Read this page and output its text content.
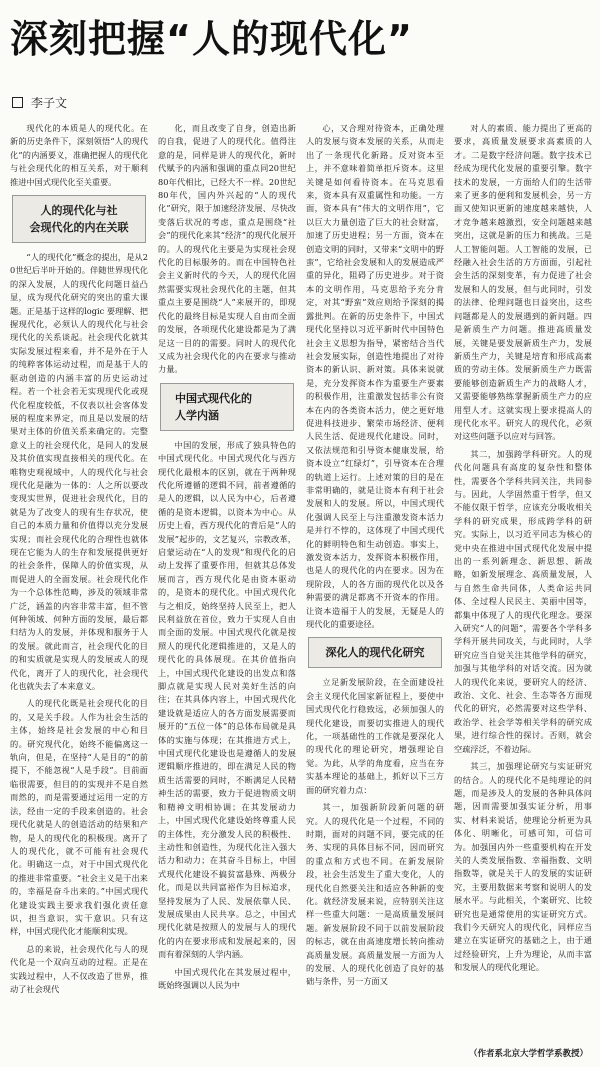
深刻把握“人的现代化”
李子文

现代化的本质是人的现代化。在新的历史条件下，深刻领悟“人的现代化”的内涵要义，准确把握人的现代化与社会现代化的相互关系，对于顺利推进中国式现代化至关重要。

人的现代化与社
会现代化的内在关联

“人的现代化”概念的提出，是从20世纪后半叶开始的。伴随世界现代化的深入发展，人的现代化问题日益凸显，成为现代化研究的突出的重大课题。正是基于这样的logic 要理解、把握现代化，必须认人的现代化与社会现代化的关系谈起。社会现代化就其实际发展过程来看，并不是外在于人的纯粹客体运动过程，而是基于人的驱动创造的内涵丰富的历史运动过程。若一个社会若无实现现代化或现代化程度较低，不仅表以社会客体发展的程度来界定，而且是以发展的结果对主体的价值关系来确定的。完整意义上的社会现代化，是同人的发展及其价值实现直接相关的现代化。在唯物史观视域中，人的现代化与社会现代化是融为一体的：人之所以要改变现实世界，促进社会现代化，目的就是为了改变人的现有生存状况，使自己的本质力量和价值得以充分发展实现；而社会现代化的合理性也就体现在它能为人的生存和发展提供更好的社会条件，保障人的价值实现，从而促进人的全面发展。社会现代化作为一个总体性范畴，涉及的领域非常广泛，涵盖的内容非常丰富，但不管何种领域、何种方面的发展，最后都归结为人的发展，并体现和服务于人的发展。就此而言，社会现代化的目的和实质就是实现人的发展或人的现代化，离开了人的现代化，社会现代化也就失去了本来意义。

人的现代化既是社会现代化的目的，又是关手段。人作为社会生活的主体，始终是社会发展的中心和目的。研究现代化，始终不能偏离这一轨向，但是，在坚持“人是目的”的前提下，不能忽视“人是手段”。目前面临很需要，但目的的实现并不是自然而然的，而是需要通过运用一定的方法，经由一定的手段来创造的。社会现代化就是人的创造活动的结果和产物，是人的现代化的积极现。离开了人的现代化，就不可能有社会现代化。明确这一点，对于中国式现代化的推进非常重要。“社会主义是干出来的，幸福是奋斗出来的。”中国式现代化建设实践主要求我们强化责任意识，担当意识，实干意识。只有这样，中国式现代化才能顺利实现。

总的来说，社会现代化与人的现代化是一个双向互动的过程。正是在实践过程中，人不仅改造了世界，推动了社会现代

化，而且改变了自身，创造出新的自我，促进了人的现代化。值得注意的是，同样是讲人的现代化，新时代赋予的内涵和强调的重点同20世纪80年代相比，已经大不一样。20世纪80年代，国内外兴起的“人的现代化”研究，限于加速经济发展、尽快改变落后状况的考虑，重点是围绕“社会”的现代化来其“经济”的现代化展开的。人的现代化主要是为实现社会现代化的目标服务的。而在中国特色社会主义新时代的今天，人的现代化固然需要实现社会现代化的主题，但其重点主要是围绕“人”来展开的，即现代化的最终目标是实现人自由而全面的发展，各项现代化建设都是为了满足这一目的的需要。同时人的现代化又成为社会现代化的内在要求与推动力量。

中国式现代化的
人学内涵

中国的发展，形成了独具特色的中国式现代化。中国式现代化与西方现代化最根本的区别，就在于两种现代化所遵循的逻辑不同，前者遵循的是人的逻辑，以人民为中心，后者遵循的是资本逻辑，以资本为中心。从历史上看，西方现代化的背后是“人的发展”起步的，文艺复兴，宗教改革，启蒙运动在“人的发现”和现代化的启动上发挥了重要作用，但就其总体发展而言，西方现代化是由资本驱动的，是资本的现代化。中国式现代化与之相反，始终坚持人民至上，把人民利益放在首位，致力于实现人自由而全面的发展。中国式现代化就是按照人的现代化逻辑推进的，又是人的现代化的具体展现。在其价值指向上，中国式现代化建设的出发点和落脚点就是实现人民对美好生活的向往；在其具体内容上，中国式现代化建设就是适应人的各方面发展需要而展开的“五位一体”的总体布局就是具体的实施与体现；在其推进方式上，中国式现代化建设也是遵循人的发展逻辑顺序推进的，即在满足人民的物质生活需要的同时，不断满足人民精神生活的需要，致力于促进物质文明和精神文明相协调；在其发展动力上，中国式现代化建设始终尊重人民的主体性，充分激发人民的积极性、主动性和创造性，为现代化注入强大活力和动力；在其奋斗目标上，中国式现代化建设不搞贫富悬殊、两极分化，而是以共同富裕作为目标追求，坚持发展为了人民、发展依靠人民、发展成果由人民共享。总之，中国式现代化就是按照人的发展与人的现代化的内在要求形成和发展起来的，因而有着深刻的人学内涵。

中国式现代化在其发展过程中，既始终强调以人民为中

心，又合理对待资本，正确处理人的发展与资本发展的关系，从而走出了一条现代化新路。反对资本至上，并不意味着简单拒斥资本。这里关键是如何看待资本。在马克思看来，资本具有双重属性和功能。一方面，资本具有“伟大的文明作用”，它以巨大力量创造了巨大的社会财富，加速了历史进程；另一方面，资本在创造文明的同时，又带来“文明中的野蛮”，它给社会发展和人的发展造成严重的异化，阻碍了历史进步。对于资本的文明作用，马克思给予充分肯定，对其“野蛮”效应则给予深刻的揭露批判。在新的历史条件下，中国式现代化坚持以习近平新时代中国特色社会主义思想为指导，紧密结合当代社会发展实际，创造性地提出了对待资本的新认识、新对策。具体来说就是，充分发挥资本作为重要生产要素的积极作用，注重激发包括非公有资本在内的各类资本活力，使之更好地促进科技进步、繁荣市场经济、便利人民生活、促进现代化建设。同时，又依法规范和引导资本健康发展，给资本设立“红绿灯”，引导资本在合理的轨道上运行。上述对策的目的是在非常明确的，就是让资本有利于社会发展和人的发展。所以，中国式现代化强调人民至上与注重激发资本活力是并行不悖的，这体现了中国式现代化的鲜明特色和生动创造。事实上，激发资本活力，发挥资本积极作用，也是人的现代化的内在要求。因为在现阶段，人的各方面的现代化以及各种需要的满足都离不开资本的作用。让资本造福于人的发展，无疑是人的现代化的重要途径。

深化人的现代化研究

立足新发展阶段，在全面建设社会主义现代化国家新征程上，要使中国式现代化行稳致远，必须加强人的现代化建设，而要切实推进人的现代化，一项基础性的工作就是要深化人的现代化的理论研究，增强理论自觉。为此，从学的角度看，应当在夯实基本理论的基础上，抓好以下三方面的研究着力点：

其一，加强新阶段新问题的研究。人的现代化是一个过程，不同的时期，面对的问题不同，要完成的任务、实现的具体目标不同，因而研究的重点和方式也不同。在新发展阶段，社会生活发生了重大变化，人的现代化自然要关注和适应各种新的变化。就经济发展来说，应特别关注这样一些重大问题：一是高质量发展问题。新发展阶段不同于以前发展阶段的标志，就在由高速度增长转向推动高质量发展。高质量发展一方面为人的发展、人的现代化创造了良好的基础与条件，另一方面又

对人的素质、能力提出了更高的要求，高质量发展要求高素质的人才。二是数字经济问题。数字技术已经成为现代化发展的重要引擎。数字技术的发展，一方面给人们的生活带来了更多的便利和发展机会，另一方面又使知识更新的速度越来越快，人才竞争越来越激烈，安全问题越来越突出，这就是新的压力和挑战。三是人工智能问题。人工智能的发展，已经融入社会生活的方方面面，引起社会生活的深刻变革，有力促进了社会发展和人的发展，但与此同时，引发的法律、伦理问题也日益突出，这些问题都是人的发展遇到的新问题。四是新质生产力问题。推进高质量发展，关键是要发展新质生产力，发展新质生产力，关键是培育和形成高素质的劳动主体。发展新质生产力既需要能够创造新质生产力的战略人才，又需要能够熟练掌握新质生产力的应用型人才。这就实现上要求提高人的现代化水平。研究人的现代化，必须对这些问题予以应对与回答。

其二，加强跨学科研究。人的现代化问题具有高度的复杂性和整体性，需要各个学科共同关注，共同参与。因此，人学固然重于哲学，但又不能仅限于哲学，应该充分吸收相关学科的研究成果，形成跨学科的研究。实际上，以习近平同志为核心的党中央在推进中国式现代化发展中提出的一系列新理念、新思想、新战略，如新发展理念、高质量发展，人与自然生命共同体，人类命运共同体、全过程人民民主、美丽中国等，都集中体现了人的现代化理念。要深入研究“人的问题”，需要各个学科多学科开展共同攻关，与此同时，人学研究应当自觉关注其他学科的研究，加强与其他学科的对话交流。因为就人的现代化来说，要研究人的经济、政治、文化、社会、生态等各方面现代化的研究，必然需要对这些学科、政治学、社会学等相关学科的研究成果，进行综合性的探讨。否则，就会空疏浮泛，不着边际。

其三，加强理论研究与实证研究的结合。人的现代化不是纯理论的问题，而是涉及人的发展的各种具体问题，因而需要加强实证分析，用事实、材料来说话，使理论分析更为具体化、明晰化，可感可知，可信可为。加强国内外一些重要机构在开发关的人类发展指数、幸福指数、文明指数等，就是关于人的发展的实证研究，主要用数据来考察和说明人的发展水平。与此相关，个案研究、比较研究也是通常使用的实证研究方式。我们今天研究人的现代化，同样应当建立在实证研究的基础之上，由于通过经验研究，上升为理论，从而丰富和发展人的现代化理论。

（作者系北京大学哲学系教授）
